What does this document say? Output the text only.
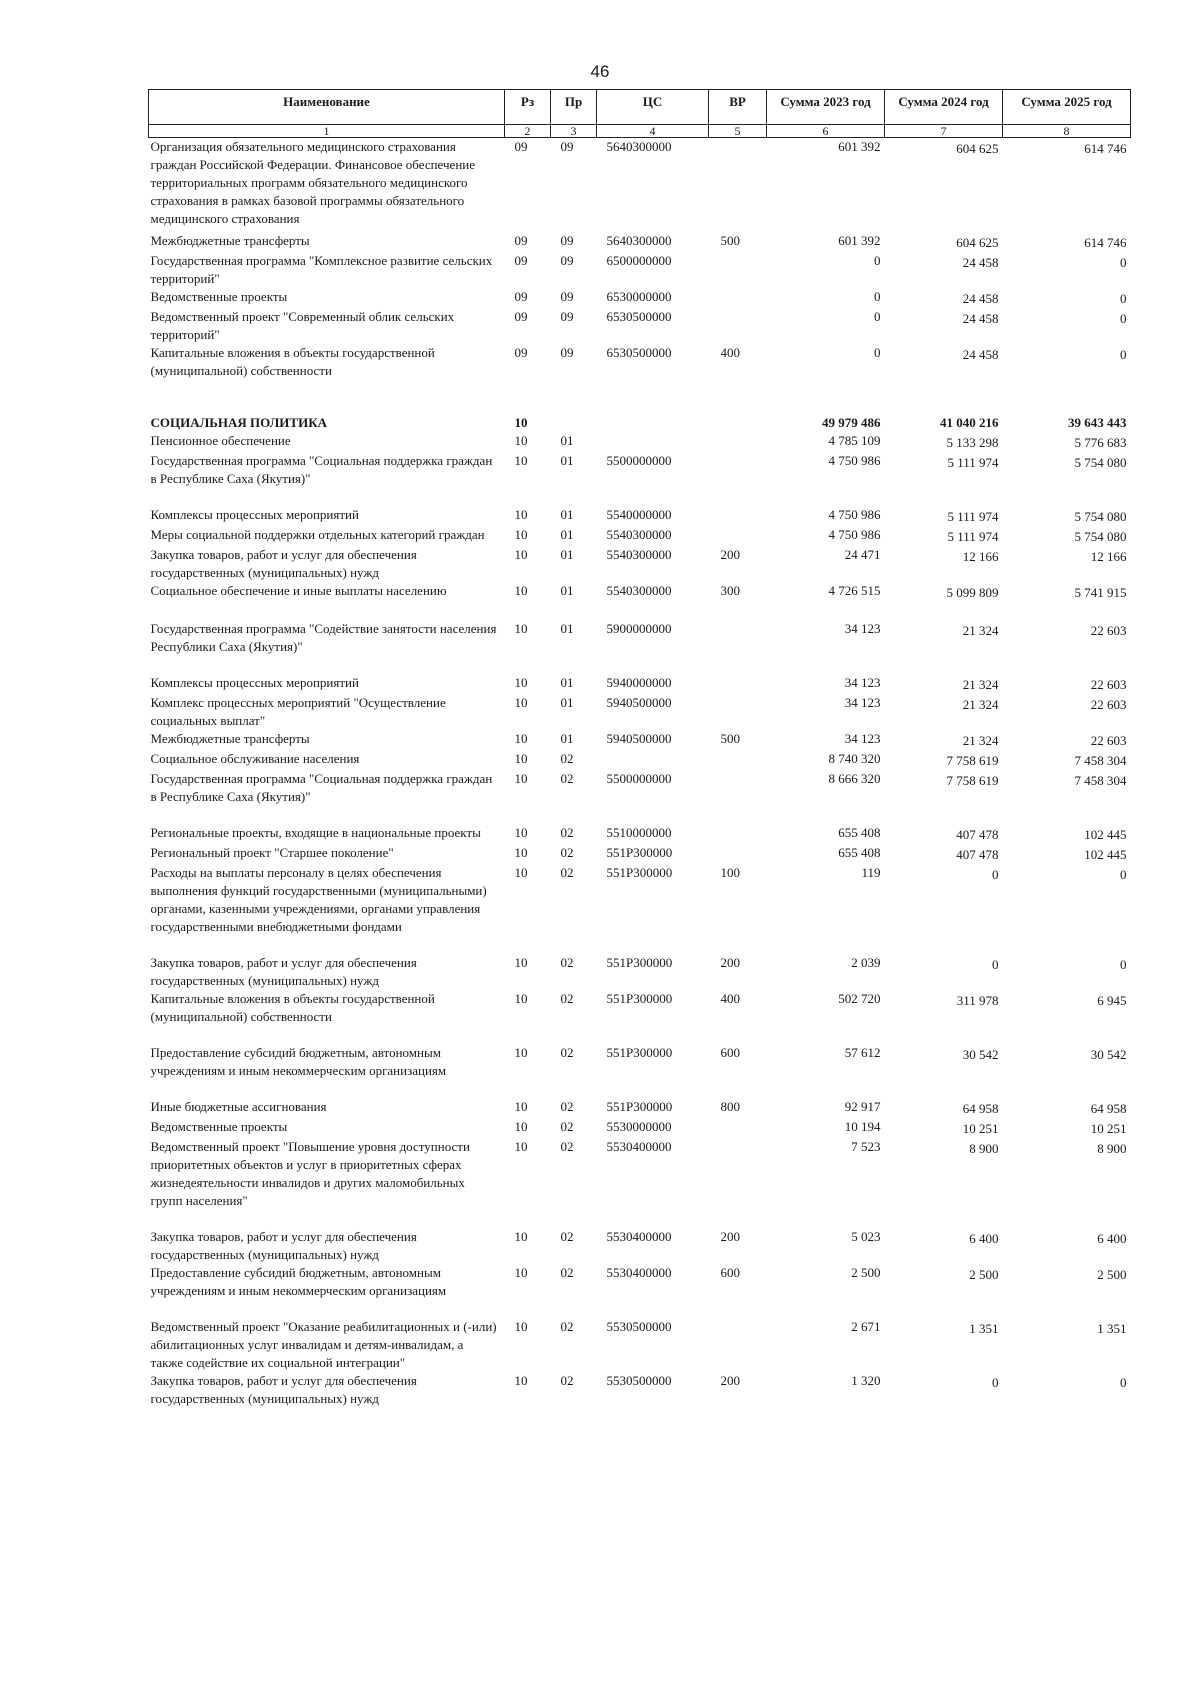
46
Наименование	Рз	Пр	ЦС	ВР	Сумма 2023 год	Сумма 2024 год	Сумма 2025 год
1	2	3	4	5	6	7	8
Организация обязательного медицинского страхования граждан Российской Федерации. Финансовое обеспечение территориальных программ обязательного медицинского страхования в рамках базовой программы обязательного медицинского страхования	09	09	5640300000		601 392	604 625	614 746
Межбюджетные трансферты	09	09	5640300000	500	601 392	604 625	614 746
Государственная программа "Комплексное развитие сельских территорий"	09	09	6500000000		0	24 458	0
Ведомственные проекты	09	09	6530000000		0	24 458	0
Ведомственный проект "Современный облик сельских территорий"	09	09	6530500000		0	24 458	0
Капитальные вложения в объекты государственной (муниципальной) собственности	09	09	6530500000	400	0	24 458	0
СОЦИАЛЬНАЯ ПОЛИТИКА	10				49 979 486	41 040 216	39 643 443
Пенсионное обеспечение	10	01			4 785 109	5 133 298	5 776 683
Государственная программа "Социальная поддержка граждан в Республике Саха (Якутия)"	10	01	5500000000		4 750 986	5 111 974	5 754 080
Комплексы процессных мероприятий	10	01	5540000000		4 750 986	5 111 974	5 754 080
Меры социальной поддержки отдельных категорий граждан	10	01	5540300000		4 750 986	5 111 974	5 754 080
Закупка товаров, работ и услуг для обеспечения государственных (муниципальных) нужд	10	01	5540300000	200	24 471	12 166	12 166
Социальное обеспечение и иные выплаты населению	10	01	5540300000	300	4 726 515	5 099 809	5 741 915
Государственная программа "Содействие занятости населения Республики Саха (Якутия)"	10	01	5900000000		34 123	21 324	22 603
Комплексы процессных мероприятий	10	01	5940000000		34 123	21 324	22 603
Комплекс процессных мероприятий "Осуществление социальных выплат"	10	01	5940500000		34 123	21 324	22 603
Межбюджетные трансферты	10	01	5940500000	500	34 123	21 324	22 603
Социальное обслуживание населения	10	02			8 740 320	7 758 619	7 458 304
Государственная программа "Социальная поддержка граждан в Республике Саха (Якутия)"	10	02	5500000000		8 666 320	7 758 619	7 458 304
Региональные проекты, входящие в национальные проекты	10	02	5510000000		655 408	407 478	102 445
Региональный проект "Старшее поколение"	10	02	551P300000		655 408	407 478	102 445
Расходы на выплаты персоналу в целях обеспечения выполнения функций государственными (муниципальными) органами, казенными учреждениями, органами управления государственными внебюджетными фондами	10	02	551P300000	100	119	0	0
Закупка товаров, работ и услуг для обеспечения государственных (муниципальных) нужд	10	02	551P300000	200	2 039	0	0
Капитальные вложения в объекты государственной (муниципальной) собственности	10	02	551P300000	400	502 720	311 978	6 945
Предоставление субсидий бюджетным, автономным учреждениям и иным некоммерческим организациям	10	02	551P300000	600	57 612	30 542	30 542
Иные бюджетные ассигнования	10	02	551P300000	800	92 917	64 958	64 958
Ведомственные проекты	10	02	5530000000		10 194	10 251	10 251
Ведомственный проект "Повышение уровня доступности приоритетных объектов и услуг в приоритетных сферах жизнедеятельности инвалидов и других маломобильных групп населения"	10	02	5530400000		7 523	8 900	8 900
Закупка товаров, работ и услуг для обеспечения государственных (муниципальных) нужд	10	02	5530400000	200	5 023	6 400	6 400
Предоставление субсидий бюджетным, автономным учреждениям и иным некоммерческим организациям	10	02	5530400000	600	2 500	2 500	2 500
Ведомственный проект "Оказание реабилитационных и (-или) абилитационных услуг инвалидам и детям-инвалидам, а также содействие их социальной интеграции"	10	02	5530500000		2 671	1 351	1 351
Закупка товаров, работ и услуг для обеспечения государственных (муниципальных) нужд	10	02	5530500000	200	1 320	0	0
